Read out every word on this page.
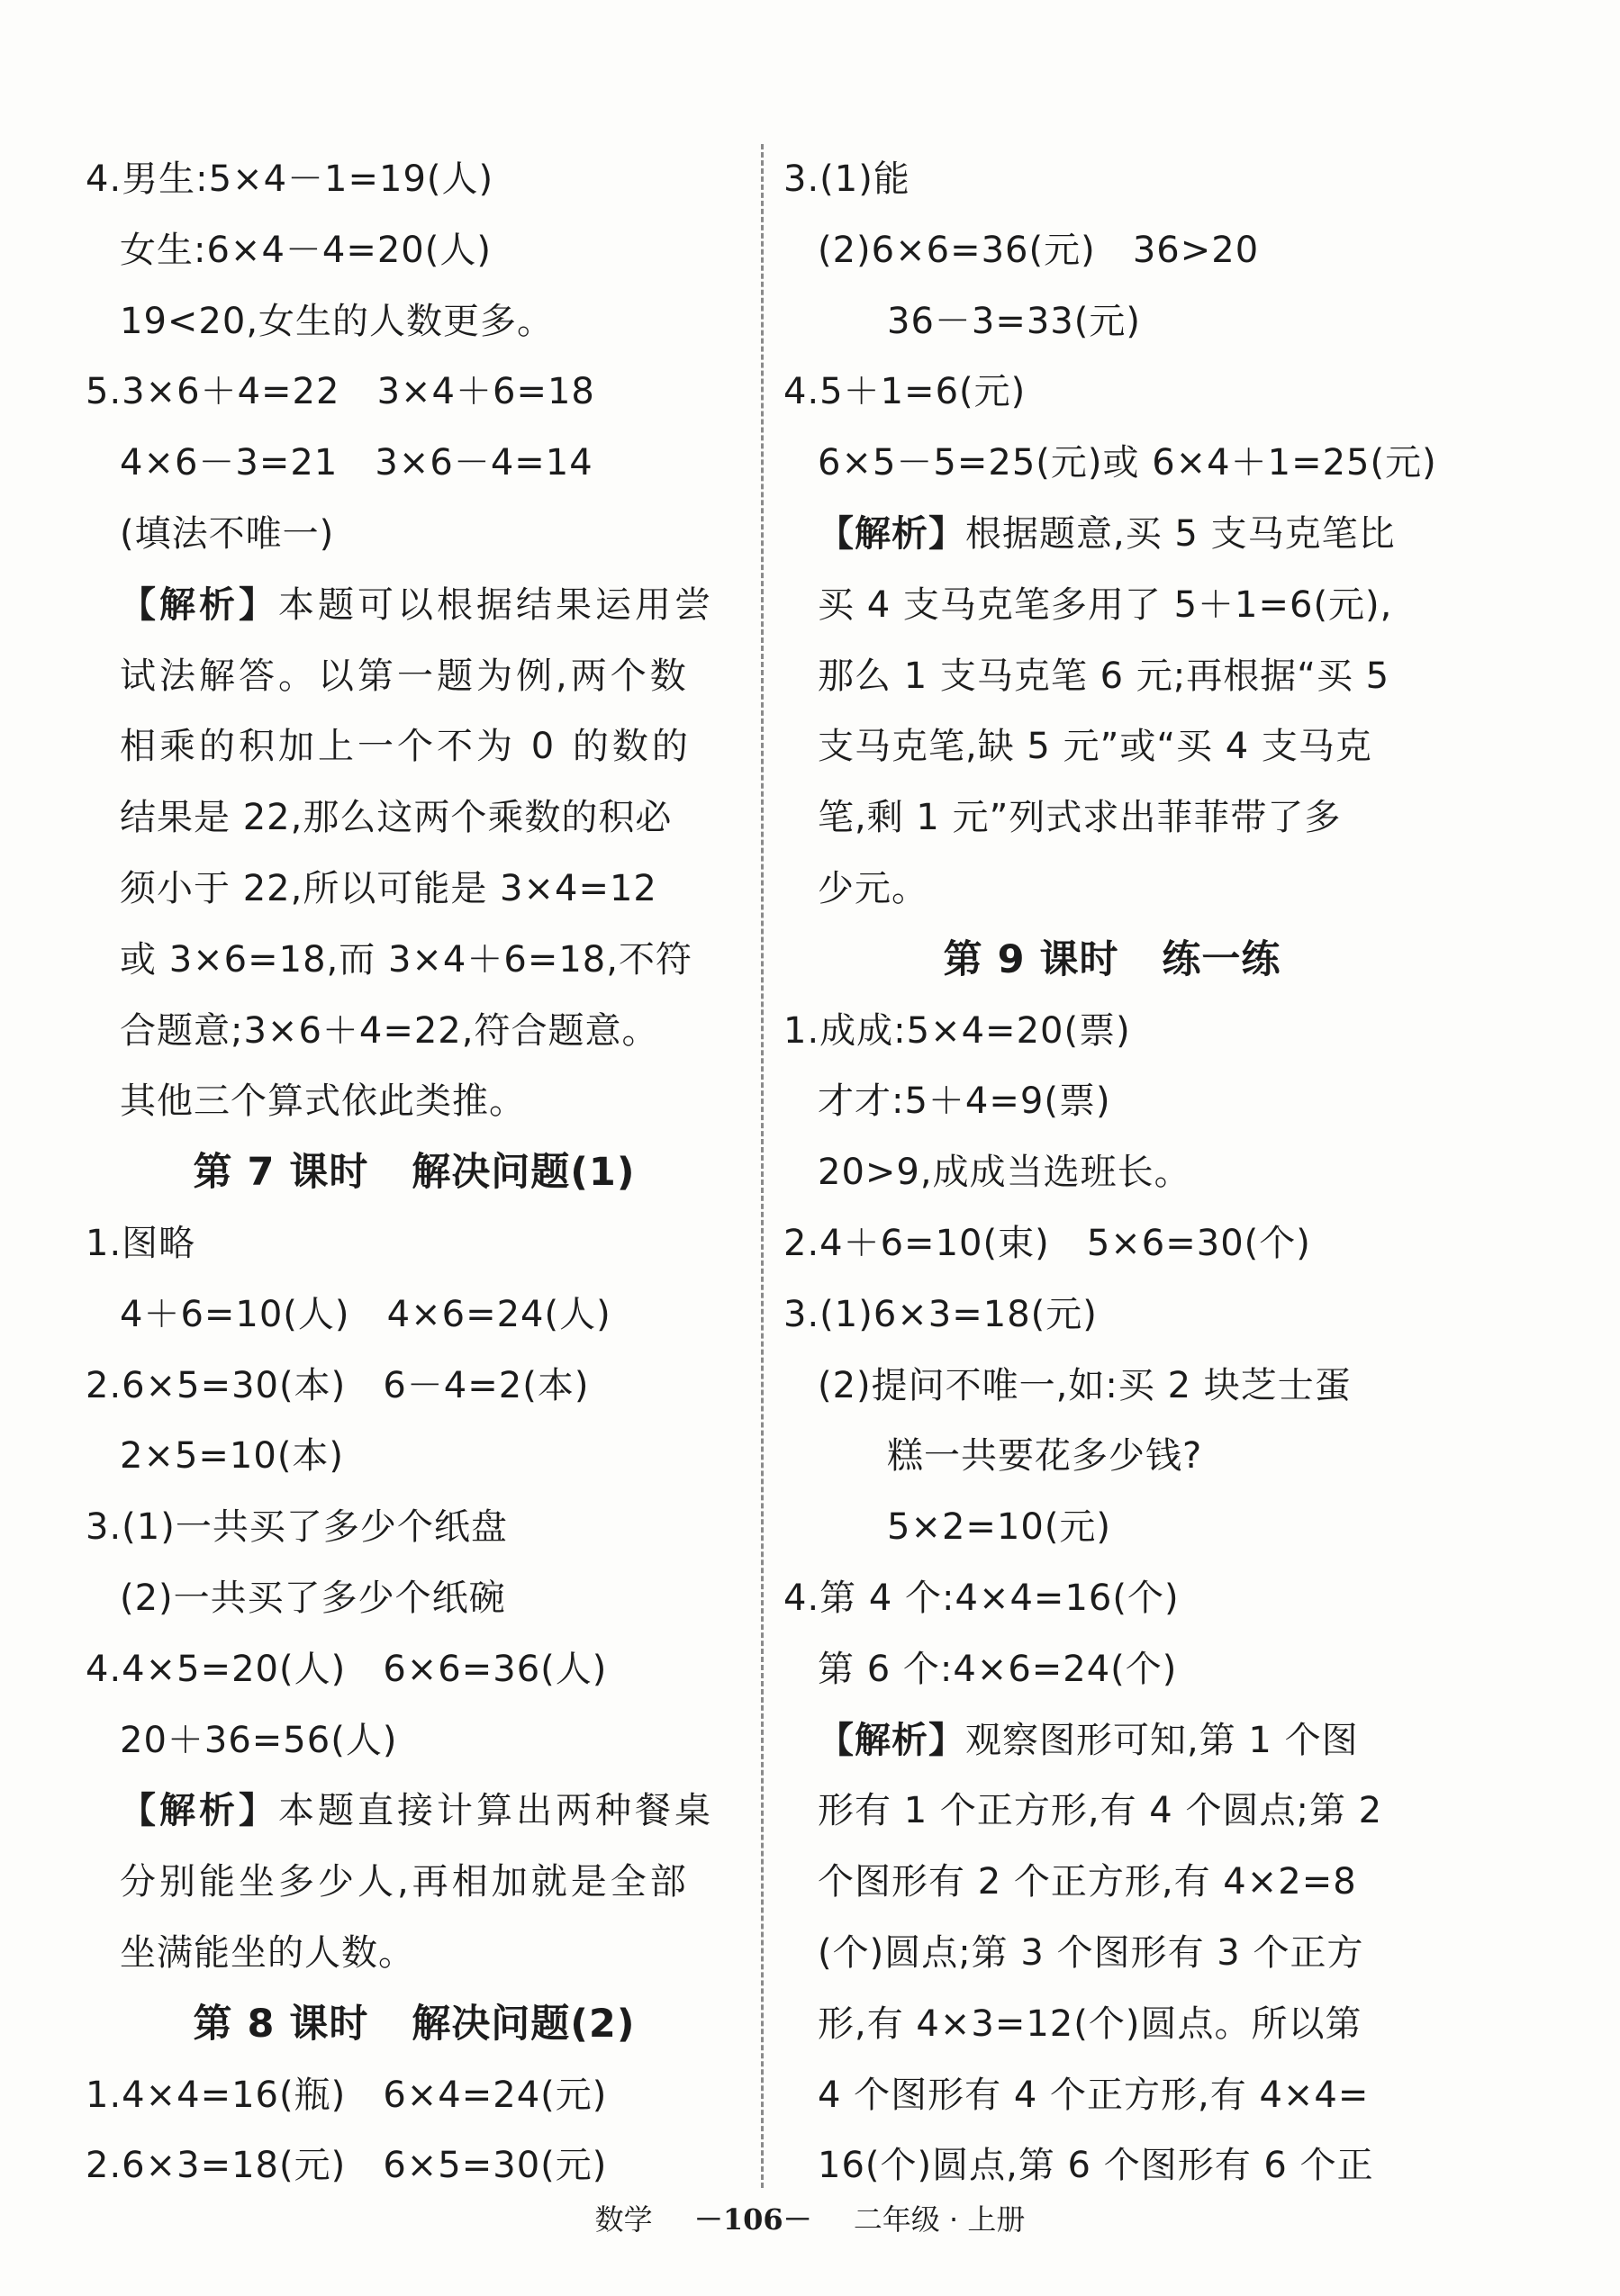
4.男生:5×4－1=19(人)
女生:6×4－4=20(人)
19<20,女生的人数更多。
5.3×6＋4=22   3×4＋6=18
4×6－3=21   3×6－4=14
(填法不唯一)
【解析】本题可以根据结果运用尝
试法解答。以第一题为例,两个数
相乘的积加上一个不为 0 的数的
结果是 22,那么这两个乘数的积必
须小于 22,所以可能是 3×4=12
或 3×6=18,而 3×4＋6=18,不符
合题意;3×6＋4=22,符合题意。
其他三个算式依此类推。
第 7 课时   解决问题(1)
1.图略
4＋6=10(人)   4×6=24(人)
2.6×5=30(本)   6－4=2(本)
2×5=10(本)
3.(1)一共买了多少个纸盘
(2)一共买了多少个纸碗
4.4×5=20(人)   6×6=36(人)
20＋36=56(人)
【解析】本题直接计算出两种餐桌
分别能坐多少人,再相加就是全部
坐满能坐的人数。
第 8 课时   解决问题(2)
1.4×4=16(瓶)   6×4=24(元)
2.6×3=18(元)   6×5=30(元)
3.(1)能
(2)6×6=36(元)   36>20
36－3=33(元)
4.5＋1=6(元)
6×5－5=25(元)或 6×4＋1=25(元)
【解析】根据题意,买 5 支马克笔比
买 4 支马克笔多用了 5＋1=6(元),
那么 1 支马克笔 6 元;再根据“买 5
支马克笔,缺 5 元”或“买 4 支马克
笔,剩 1 元”列式求出菲菲带了多
少元。
第 9 课时   练一练
1.成成:5×4=20(票)
才才:5＋4=9(票)
20>9,成成当选班长。
2.4＋6=10(束)   5×6=30(个)
3.(1)6×3=18(元)
(2)提问不唯一,如:买 2 块芝士蛋
糕一共要花多少钱?
5×2=10(元)
4.第 4 个:4×4=16(个)
第 6 个:4×6=24(个)
【解析】观察图形可知,第 1 个图
形有 1 个正方形,有 4 个圆点;第 2
个图形有 2 个正方形,有 4×2=8
(个)圆点;第 3 个图形有 3 个正方
形,有 4×3=12(个)圆点。所以第
4 个图形有 4 个正方形,有 4×4=
16(个)圆点,第 6 个图形有 6 个正
数学 －106－ 二年级 · 上册
